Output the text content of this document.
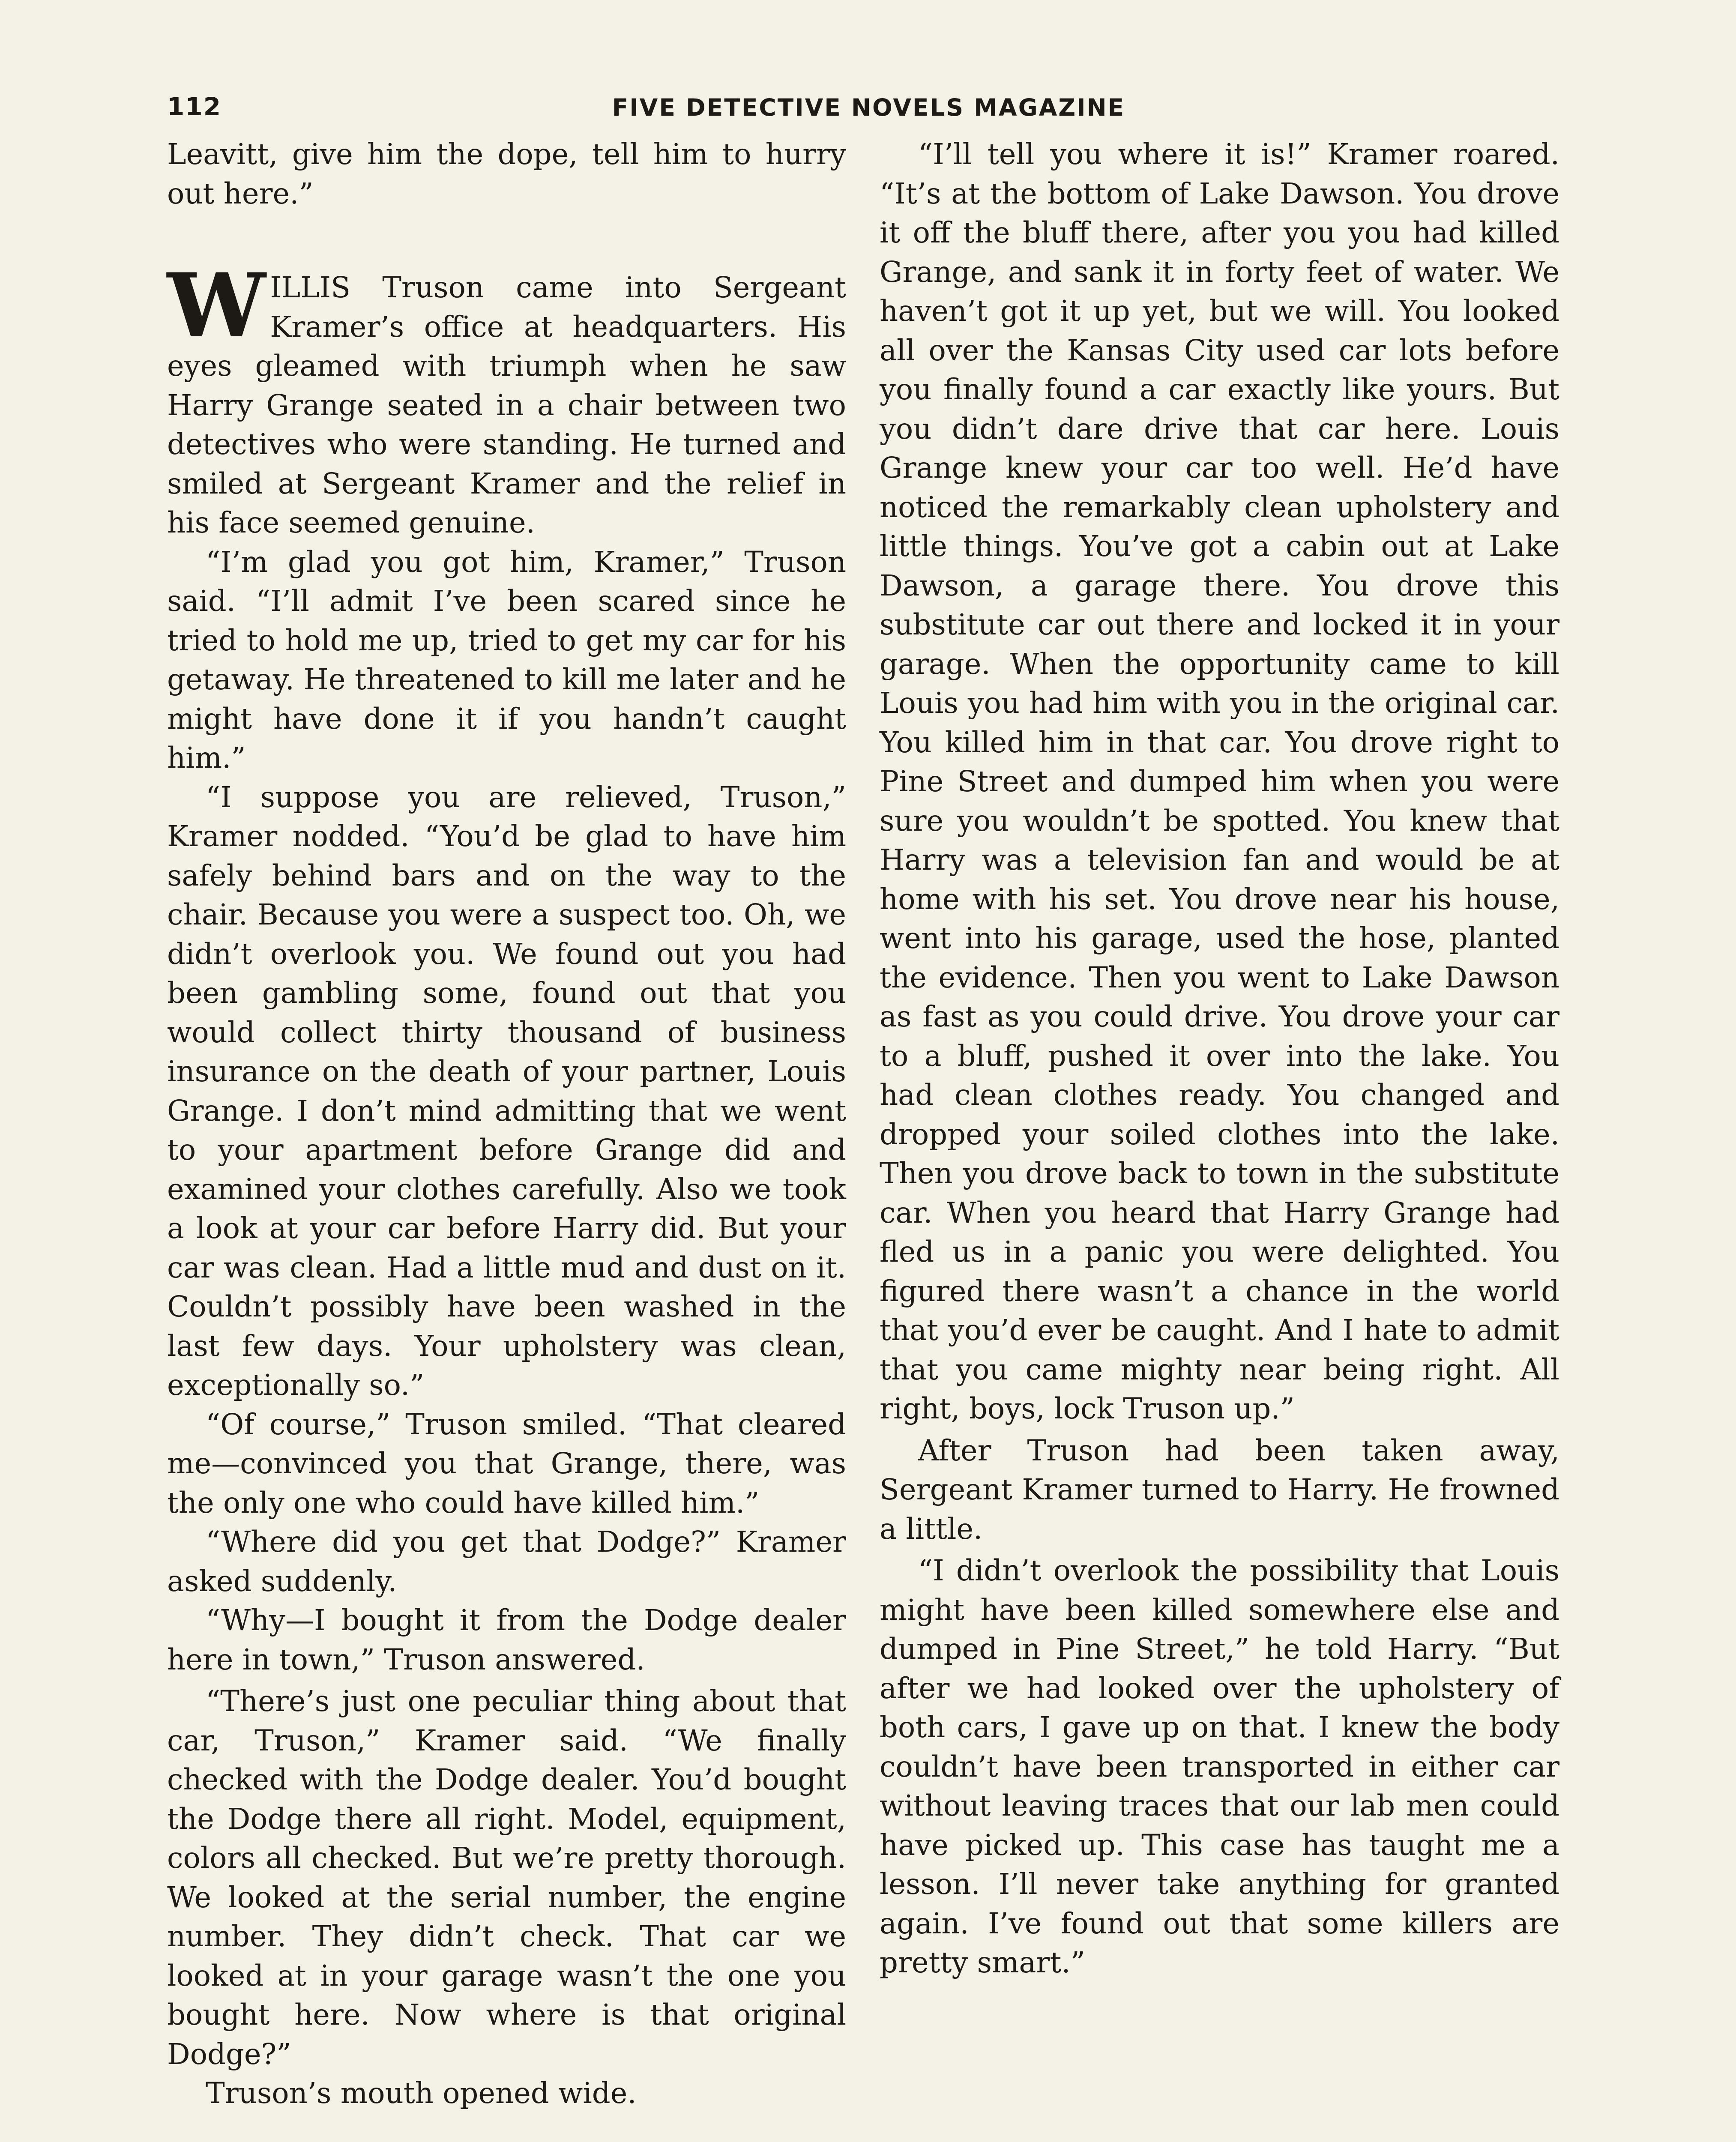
112	FIVE DETECTIVE NOVELS MAGAZINE

Leavitt, give him the dope, tell him to hurry out here.”

WILLIS Truson came into Sergeant Kramer’s office at headquarters. His eyes gleamed with triumph when he saw Harry Grange seated in a chair between two detectives who were standing. He turned and smiled at Sergeant Kramer and the relief in his face seemed genuine.

“I’m glad you got him, Kramer,” Truson said. “I’ll admit I’ve been scared since he tried to hold me up, tried to get my car for his getaway. He threatened to kill me later and he might have done it if you handn’t caught him.”

“I suppose you are relieved, Truson,” Kramer nodded. “You’d be glad to have him safely behind bars and on the way to the chair. Because you were a suspect too. Oh, we didn’t overlook you. We found out you had been gambling some, found out that you would collect thirty thousand of business insurance on the death of your partner, Louis Grange. I don’t mind admitting that we went to your apartment before Grange did and examined your clothes carefully. Also we took a look at your car before Harry did. But your car was clean. Had a little mud and dust on it. Couldn’t possibly have been washed in the last few days. Your upholstery was clean, exceptionally so.”

“Of course,” Truson smiled. “That cleared me—convinced you that Grange, there, was the only one who could have killed him.”

“Where did you get that Dodge?” Kramer asked suddenly.

“Why—I bought it from the Dodge dealer here in town,” Truson answered.

“There’s just one peculiar thing about that car, Truson,” Kramer said. “We finally checked with the Dodge dealer. You’d bought the Dodge there all right. Model, equipment, colors all checked. But we’re pretty thorough. We looked at the serial number, the engine number. They didn’t check. That car we looked at in your garage wasn’t the one you bought here. Now where is that original Dodge?”

Truson’s mouth opened wide.

“I’ll tell you where it is!” Kramer roared. “It’s at the bottom of Lake Dawson. You drove it off the bluff there, after you you had killed Grange, and sank it in forty feet of water. We haven’t got it up yet, but we will. You looked all over the Kansas City used car lots before you finally found a car exactly like yours. But you didn’t dare drive that car here. Louis Grange knew your car too well. He’d have noticed the remarkably clean upholstery and little things. You’ve got a cabin out at Lake Dawson, a garage there. You drove this substitute car out there and locked it in your garage. When the opportunity came to kill Louis you had him with you in the original car. You killed him in that car. You drove right to Pine Street and dumped him when you were sure you wouldn’t be spotted. You knew that Harry was a television fan and would be at home with his set. You drove near his house, went into his garage, used the hose, planted the evidence. Then you went to Lake Dawson as fast as you could drive. You drove your car to a bluff, pushed it over into the lake. You had clean clothes ready. You changed and dropped your soiled clothes into the lake. Then you drove back to town in the substitute car. When you heard that Harry Grange had fled us in a panic you were delighted. You figured there wasn’t a chance in the world that you’d ever be caught. And I hate to admit that you came mighty near being right. All right, boys, lock Truson up.”

After Truson had been taken away, Sergeant Kramer turned to Harry. He frowned a little.

“I didn’t overlook the possibility that Louis might have been killed somewhere else and dumped in Pine Street,” he told Harry. “But after we had looked over the upholstery of both cars, I gave up on that. I knew the body couldn’t have been transported in either car without leaving traces that our lab men could have picked up. This case has taught me a lesson. I’ll never take anything for granted again. I’ve found out that some killers are pretty smart.”
